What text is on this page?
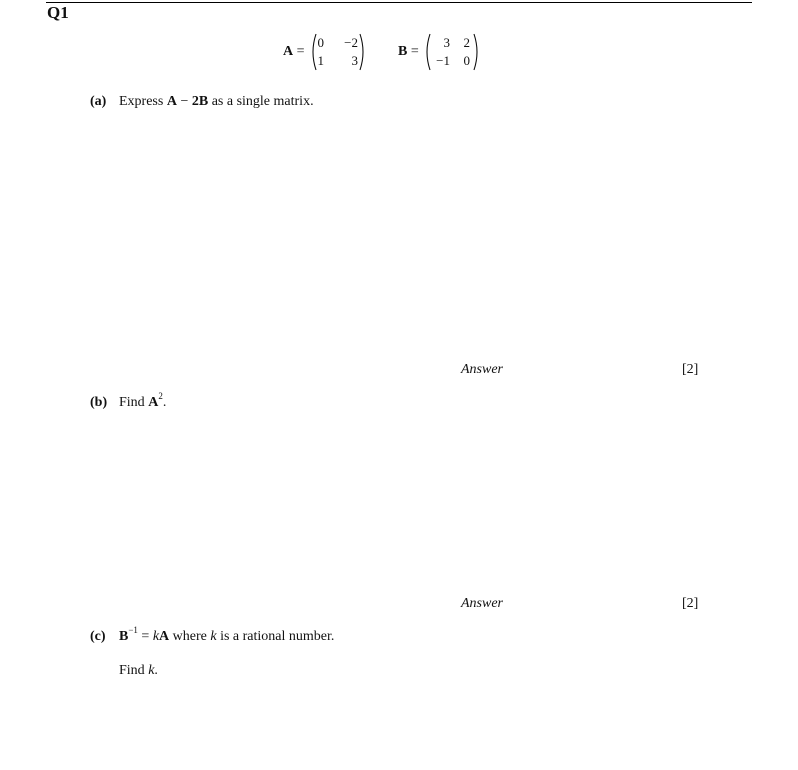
Q1
A =
0	−2
1	3
B =
3	2
−1	0
(a) Express A − 2B as a single matrix.
Answer	[2]
(b) Find $A^2$.
Answer	[2]
(c) $B^{-1}$ = kA where k is a rational number.
Find k.
